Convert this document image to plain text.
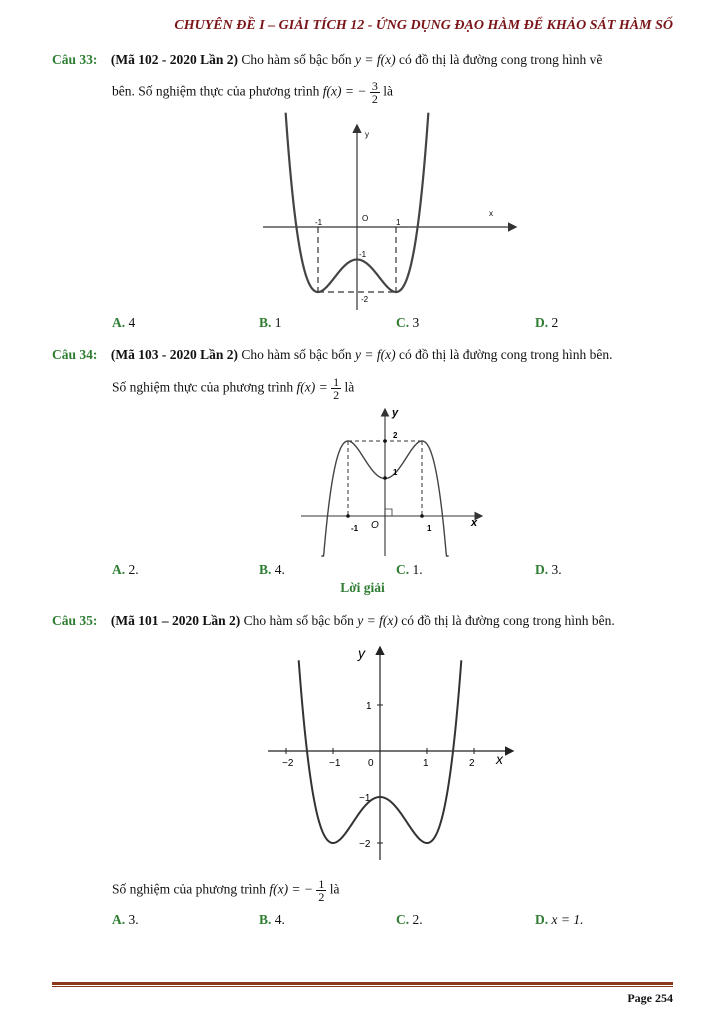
CHUYÊN ĐỀ I – GIẢI TÍCH 12 - ỨNG DỤNG ĐẠO HÀM ĐỂ KHẢO SÁT HÀM SỐ
Câu 33: (Mã 102 - 2020 Lần 2) Cho hàm số bậc bốn y = f(x) có đồ thị là đường cong trong hình vẽ
bên. Số nghiệm thực của phương trình f(x) = − $\frac{3}{2}$ là
y
x
O
-1	1
-1
-2
A. 4	B. 1	C. 3	D. 2
Câu 34: (Mã 103 - 2020 Lần 2) Cho hàm số bậc bốn y = f(x) có đồ thị là đường cong trong hình bên.
Số nghiệm thực của phương trình $f(x) = \frac{1}{2}$ là
y
x
O
-1	1
2
1
A. 2.	B. 4.	C. 1.	D. 3.
Lời giải
Câu 35: (Mã 101 – 2020 Lần 2) Cho hàm số bậc bốn y = f(x) có đồ thị là đường cong trong hình bên.
y
x
−2	−1	0	1	2
1
−1
−2
Số nghiệm của phương trình f(x) = − $\frac{1}{2}$ là
A. 3.	B. 4.	C. 2.	D. x = 1.
Page 254
